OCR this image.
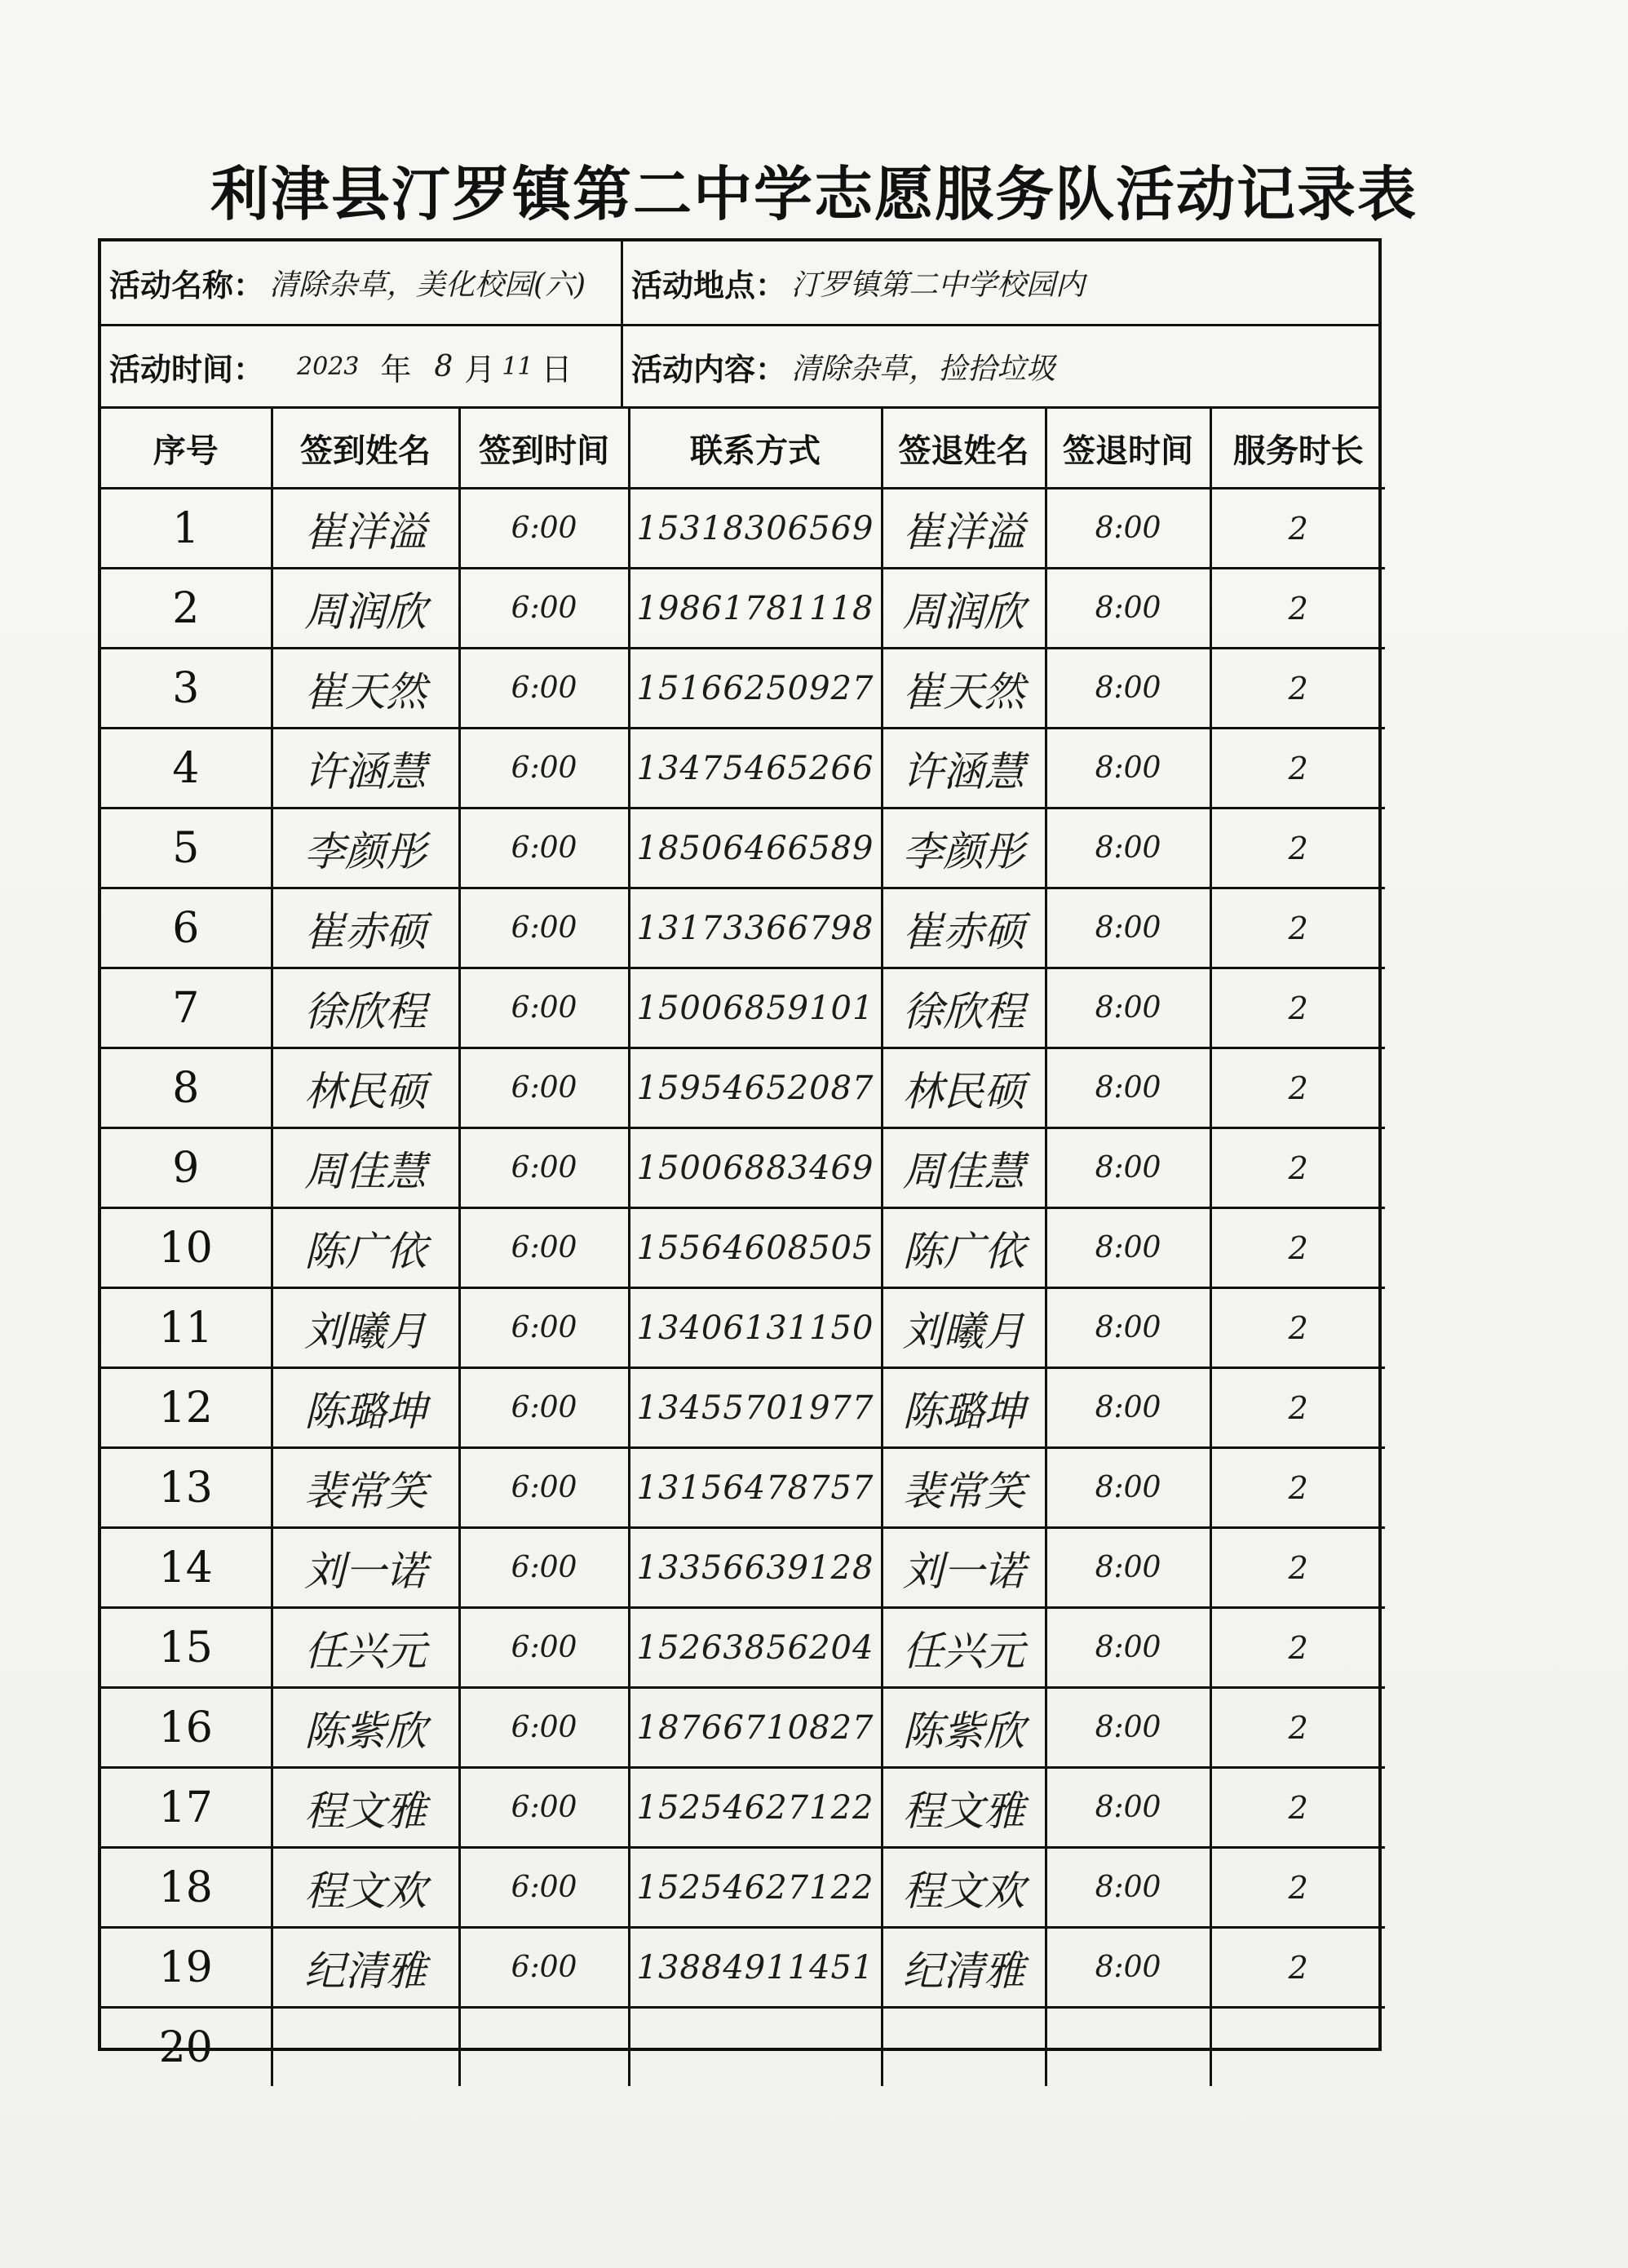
利津县汀罗镇第二中学志愿服务队活动记录表
活动名称： 清除杂草，美化校园(六) 活动地点： 汀罗镇第二中学校园内
活动时间： 2023 年 8 月 11 日 活动内容： 清除杂草，捡拾垃圾
序号	签到姓名	签到时间	联系方式	签退姓名	签退时间	服务时长
1	崔洋溢	6:00	15318306569	崔洋溢	8:00	2
2	周润欣	6:00	19861781118	周润欣	8:00	2
3	崔天然	6:00	15166250927	崔天然	8:00	2
4	许涵慧	6:00	13475465266	许涵慧	8:00	2
5	李颜彤	6:00	18506466589	李颜彤	8:00	2
6	崔赤硕	6:00	13173366798	崔赤硕	8:00	2
7	徐欣程	6:00	15006859101	徐欣程	8:00	2
8	林民硕	6:00	15954652087	林民硕	8:00	2
9	周佳慧	6:00	15006883469	周佳慧	8:00	2
10	陈广依	6:00	15564608505	陈广依	8:00	2
11	刘曦月	6:00	13406131150	刘曦月	8:00	2
12	陈璐坤	6:00	13455701977	陈璐坤	8:00	2
13	裴常笑	6:00	13156478757	裴常笑	8:00	2
14	刘一诺	6:00	13356639128	刘一诺	8:00	2
15	任兴元	6:00	15263856204	任兴元	8:00	2
16	陈紫欣	6:00	18766710827	陈紫欣	8:00	2
17	程文雅	6:00	15254627122	程文雅	8:00	2
18	程文欢	6:00	15254627122	程文欢	8:00	2
19	纪清雅	6:00	13884911451	纪清雅	8:00	2
20						
